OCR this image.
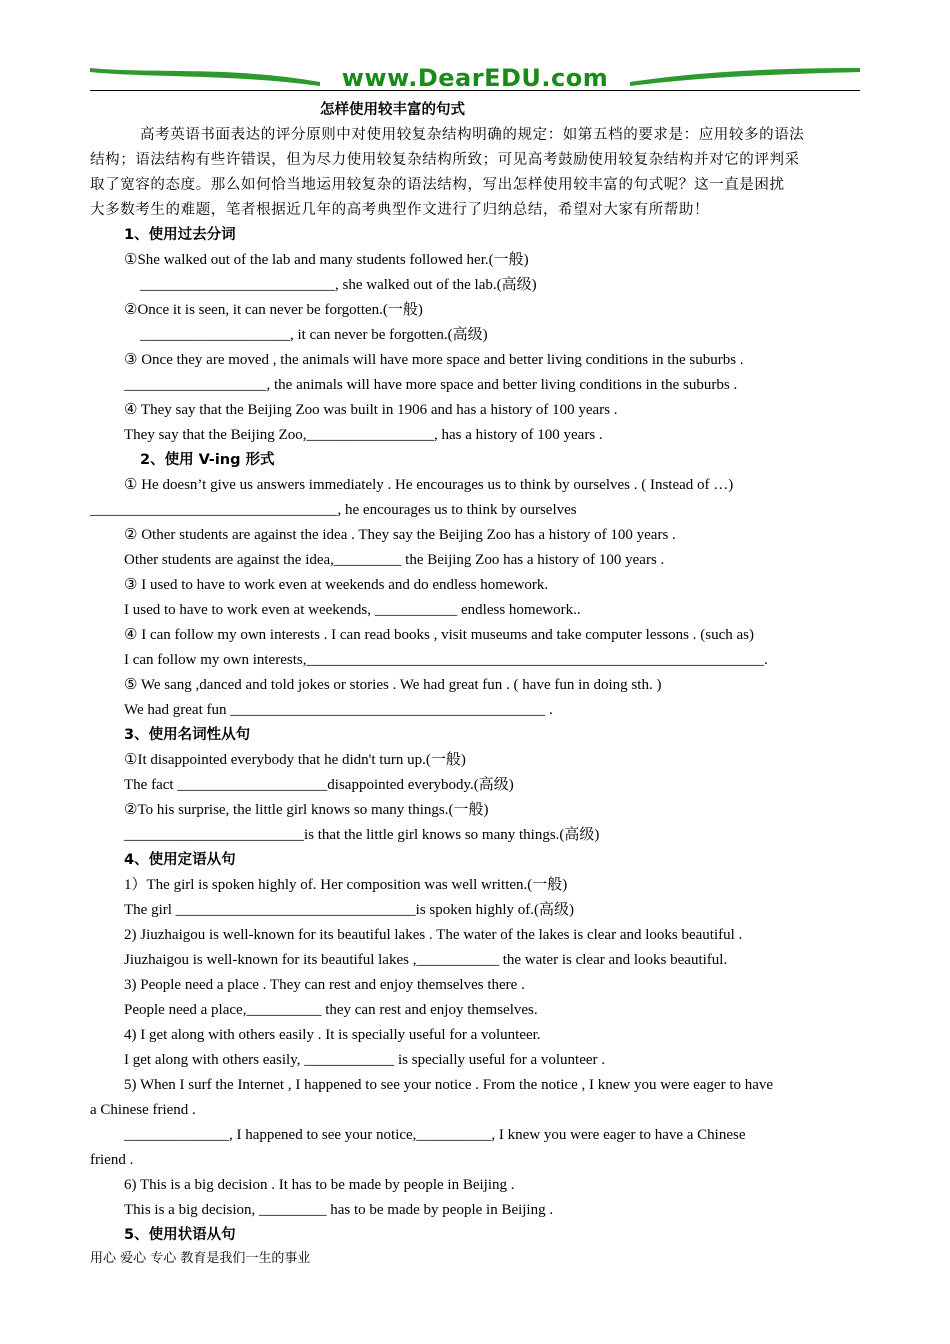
www.DearEDU.com
怎样使用较丰富的句式

高考英语书面表达的评分原则中对使用较复杂结构明确的规定：如第五档的要求是：应用较多的语法

结构；语法结构有些许错误，但为尽力使用较复杂结构所致；可见高考鼓励使用较复杂结构并对它的评判采

取了宽容的态度。那么如何恰当地运用较复杂的语法结构，写出怎样使用较丰富的句式呢？这一直是困扰

大多数考生的难题，笔者根据近几年的高考典型作文进行了归纳总结，希望对大家有所帮助！

1、使用过去分词
①She walked out of the lab and many students followed her.(一般)
__________________________, she walked out of the lab.(高级)
②Once it is seen, it can never be forgotten.(一般)
____________________, it can never be forgotten.(高级)
③ Once they are moved , the animals will have more space and better living conditions in the suburbs .
___________________, the animals will have more space and better living conditions in the suburbs .
④ They say that the Beijing Zoo was built in 1906 and has a history of 100 years .
They say that the Beijing Zoo,_________________, has a history of 100 years .
2、使用 V-ing 形式
① He doesn’t give us answers immediately . He encourages us to think by ourselves . ( Instead of …)
_________________________________, he encourages us to think by ourselves
② Other students are against the idea . They say the Beijing Zoo has a history of 100 years .
Other students are against the idea,_________ the Beijing Zoo has a history of 100 years .
③ I used to have to work even at weekends and do endless homework.
I used to have to work even at weekends, ___________ endless homework..
④ I can follow my own interests . I can read books , visit museums and take computer lessons . (such as)
I can follow my own interests,_____________________________________________________________.
⑤ We sang ,danced and told jokes or stories . We had great fun . ( have fun in doing sth. )
We had great fun __________________________________________ .
3、使用名词性从句
①It disappointed everybody that he didn't turn up.(一般)
The fact ____________________disappointed everybody.(高级)
②To his surprise, the little girl knows so many things.(一般)
________________________is that the little girl knows so many things.(高级)
4、使用定语从句
1）The girl is spoken highly of. Her composition was well written.(一般)
The girl ________________________________is spoken highly of.(高级)
2) Jiuzhaigou is well-known for its beautiful lakes . The water of the lakes is clear and looks beautiful .
Jiuzhaigou is well-known for its beautiful lakes ,___________ the water is clear and looks beautiful.
3) People need a place . They can rest and enjoy themselves there .
People need a place,__________ they can rest and enjoy themselves.
4) I get along with others easily . It is specially useful for a volunteer.
I get along with others easily, ____________ is specially useful for a volunteer .
5) When I surf the Internet , I happened to see your notice . From the notice , I knew you were eager to have
a Chinese friend .
______________, I happened to see your notice,__________, I knew you were eager to have a Chinese
friend .
6) This is a big decision . It has to be made by people in Beijing .
This is a big decision, _________ has to be made by people in Beijing .
5、使用状语从句
用心 爱心 专心 教育是我们一生的事业
